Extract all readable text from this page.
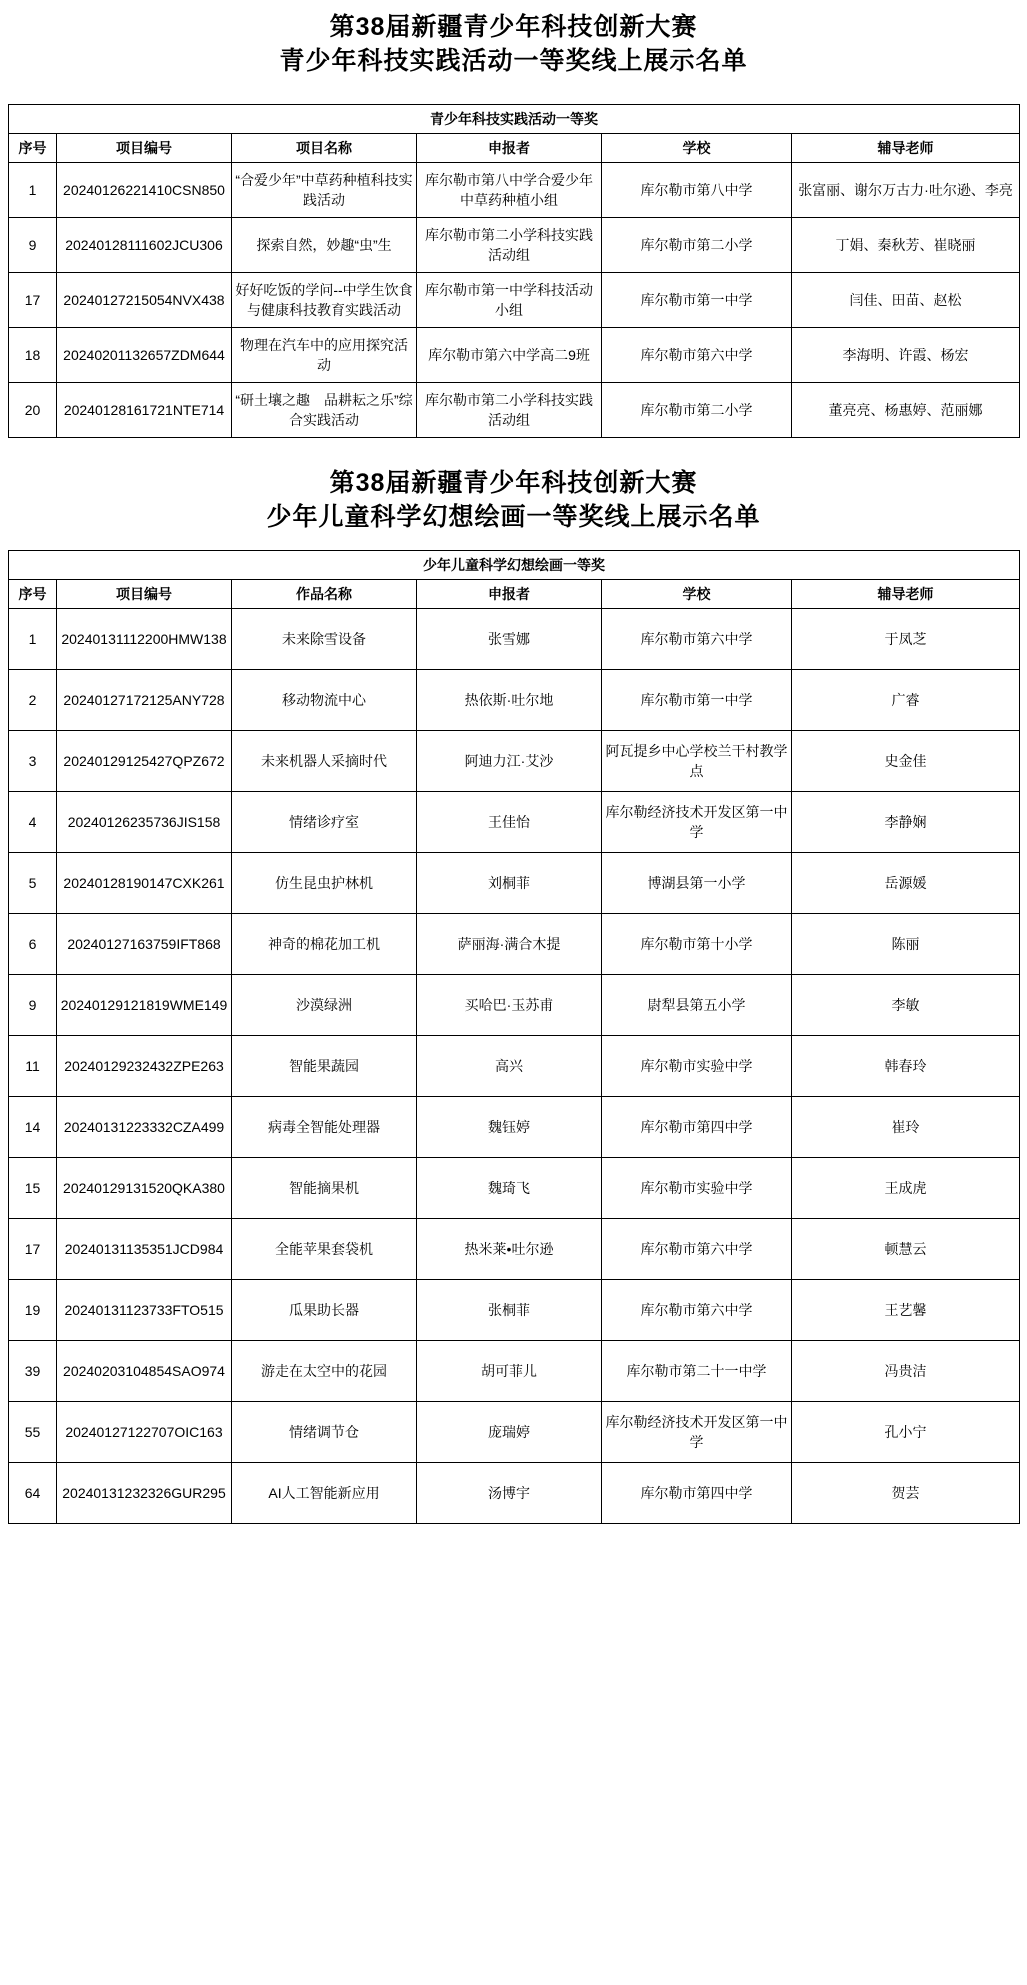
第38届新疆青少年科技创新大赛
青少年科技实践活动一等奖线上展示名单
青少年科技实践活动一等奖					
序号	项目编号	项目名称	申报者	学校	辅导老师
1	20240126221410CSN850	“合爱少年”中草药种植科技实践活动	库尔勒市第八中学合爱少年中草药种植小组	库尔勒市第八中学	张富丽、谢尔万古力·吐尔逊、李亮
9	20240128111602JCU306	探索自然，妙趣“虫”生	库尔勒市第二小学科技实践活动组	库尔勒市第二小学	丁娟、秦秋芳、崔晓丽
17	20240127215054NVX438	好好吃饭的学问--中学生饮食与健康科技教育实践活动	库尔勒市第一中学科技活动小组	库尔勒市第一中学	闫佳、田苗、赵松
18	20240201132657ZDM644	物理在汽车中的应用探究活动	库尔勒市第六中学高二9班	库尔勒市第六中学	李海明、许霞、杨宏
20	20240128161721NTE714	“研土壤之趣　品耕耘之乐”综合实践活动	库尔勒市第二小学科技实践活动组	库尔勒市第二小学	董亮亮、杨惠婷、范丽娜
第38届新疆青少年科技创新大赛
少年儿童科学幻想绘画一等奖线上展示名单
少年儿童科学幻想绘画一等奖					
序号	项目编号	作品名称	申报者	学校	辅导老师
1	20240131112200HMW138	未来除雪设备	张雪娜	库尔勒市第六中学	于凤芝
2	20240127172125ANY728	移动物流中心	热依斯·吐尔地	库尔勒市第一中学	广睿
3	20240129125427QPZ672	未来机器人采摘时代	阿迪力江·艾沙	阿瓦提乡中心学校兰干村教学点	史金佳
4	20240126235736JIS158	情绪诊疗室	王佳怡	库尔勒经济技术开发区第一中学	李静娴
5	20240128190147CXK261	仿生昆虫护林机	刘桐菲	博湖县第一小学	岳源媛
6	20240127163759IFT868	神奇的棉花加工机	萨丽海·满合木提	库尔勒市第十小学	陈丽
9	20240129121819WME149	沙漠绿洲	买哈巴·玉苏甫	尉犁县第五小学	李敏
11	20240129232432ZPE263	智能果蔬园	高兴	库尔勒市实验中学	韩春玲
14	20240131223332CZA499	病毒全智能处理器	魏钰婷	库尔勒市第四中学	崔玲
15	20240129131520QKA380	智能摘果机	魏琦飞	库尔勒市实验中学	王成虎
17	20240131135351JCD984	全能苹果套袋机	热米莱•吐尔逊	库尔勒市第六中学	顿慧云
19	20240131123733FTO515	瓜果助长器	张桐菲	库尔勒市第六中学	王艺馨
39	20240203104854SAO974	游走在太空中的花园	胡可菲儿	库尔勒市第二十一中学	冯贵洁
55	20240127122707OIC163	情绪调节仓	庞瑞婷	库尔勒经济技术开发区第一中学	孔小宁
64	20240131232326GUR295	AI人工智能新应用	汤博宇	库尔勒市第四中学	贺芸
